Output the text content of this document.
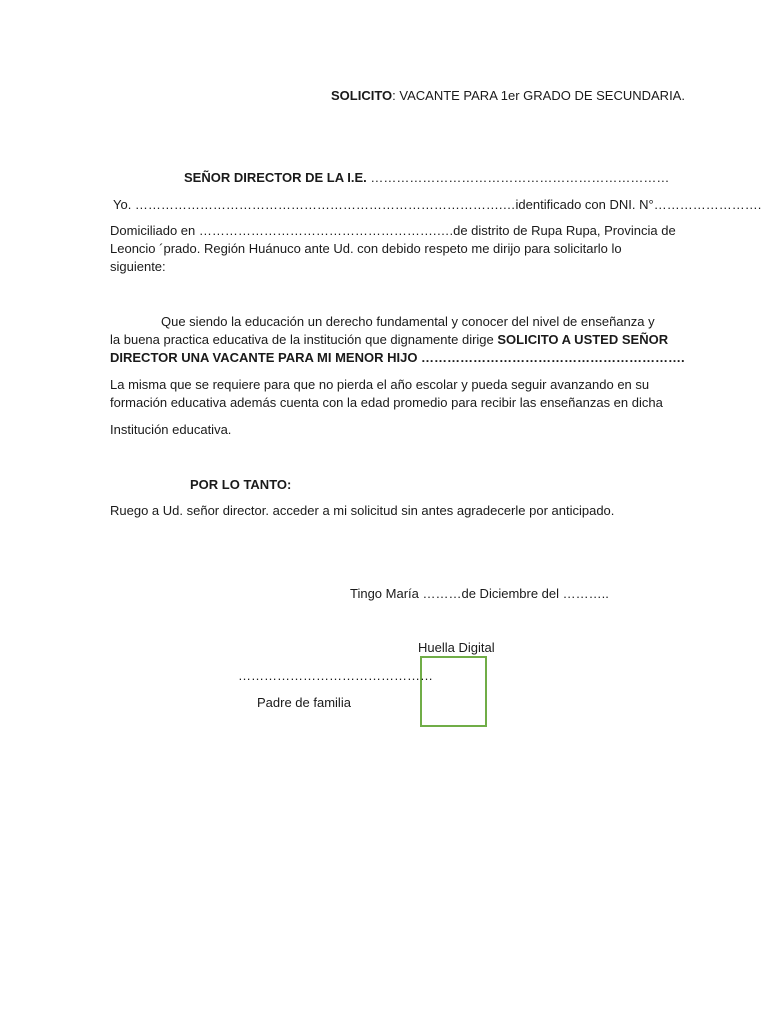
SOLICITO: VACANTE PARA 1er GRADO DE SECUNDARIA.
SEÑOR DIRECTOR DE LA I.E. ……………………………………………………………
Yo. ………………………………………………………………………….…identificado con DNI. N°…………………….

Domiciliado en ……………………………………………….….de distrito de Rupa Rupa, Provincia de

Leoncio ´prado. Región Huánuco ante Ud. con debido respeto me dirijo para solicitarlo lo

siguiente:

Que siendo la educación un derecho fundamental y conocer del nivel de enseñanza y

la buena practica educativa de la institución que dignamente dirige SOLICITO A USTED SEÑOR

DIRECTOR UNA VACANTE PARA MI MENOR HIJO …………………………………………………….

La misma que se requiere para que no pierda el año escolar y pueda seguir avanzando en su

formación educativa además cuenta con la edad promedio para recibir las enseñanzas en dicha

Institución educativa.
POR LO TANTO:
Ruego a Ud. señor director. acceder a mi solicitud sin antes agradecerle por anticipado.
Tingo María ………de Diciembre del ………..
Huella Digital
………………………………………
Padre de familia
